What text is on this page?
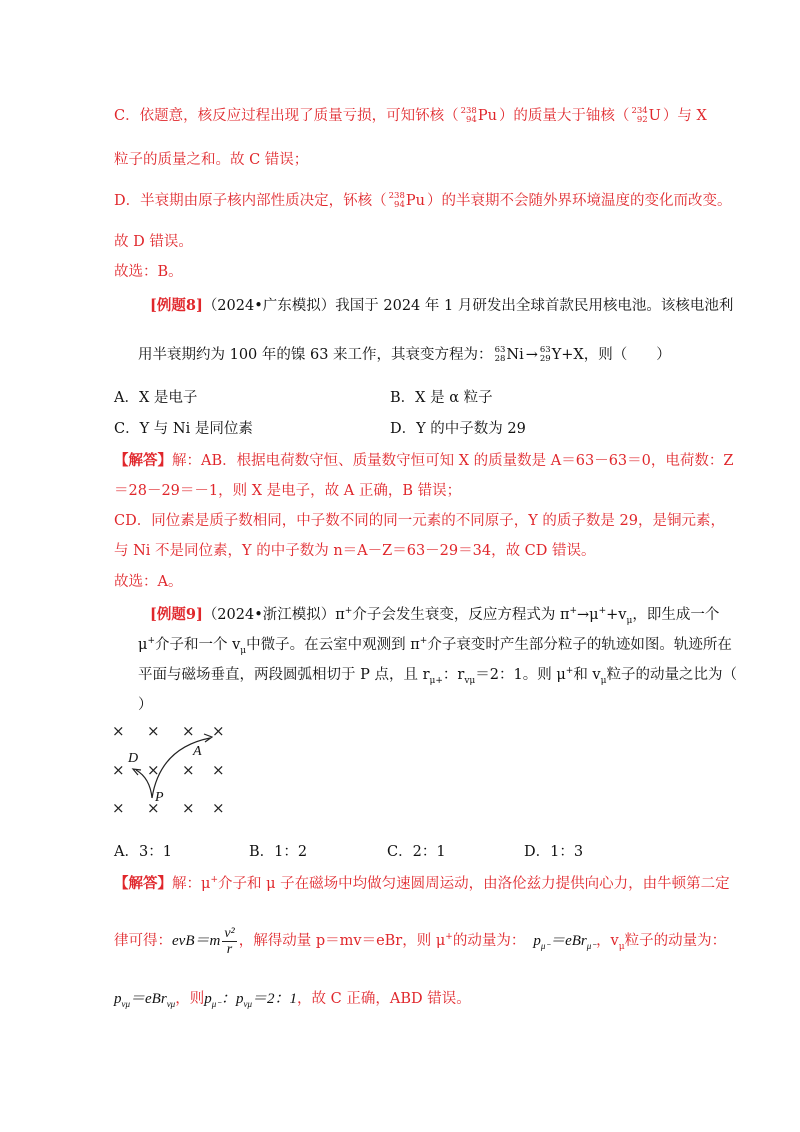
C．依题意，核反应过程出现了质量亏损，可知钚核（ 238
94 Pu ）的质量大于铀核（ 234
92 U ）与 X
粒子的质量之和。故 C 错误；
D．半衰期由原子核内部性质决定，钚核（ 238
94 Pu ）的半衰期不会随外界环境温度的变化而改变。
故 D 错误。
故选：B。
[例题8]（2024•广东模拟）我国于 2024 年 1 月研发出全球首款民用核电池。该核电池利
用半衰期约为 100 年的镍 63 来工作，其衰变方程为： 63
28 Ni → 63
29 Y+X，则（　　）
A．X 是电子	B．X 是 α 粒子
C．Y 与 Ni 是同位素	D．Y 的中子数为 29
【解答】解：AB．根据电荷数守恒、质量数守恒可知 X 的质量数是 A＝63－63＝0，电荷数：Z
＝28－29＝－1，则 X 是电子，故 A 正确，B 错误；
CD．同位素是质子数相同，中子数不同的同一元素的不同原子，Y 的质子数是 29，是铜元素，
与 Ni 不是同位素，Y 的中子数为 n＝A－Z＝63－29＝34，故 CD 错误。
故选：A。
[例题9]（2024•浙江模拟）π+介子会发生衰变，反应方程式为 $\pi^+\to\mu^++v_\mu$，即生成一个
μ+介子和一个 $v_\mu$中微子。在云室中观测到 π+介子衰变时产生部分粒子的轨迹如图。轨迹所在
平面与磁场垂直，两段圆弧相切于 P 点，且 $r_{\mu+}$：$r_{v\mu}=2$：1。则 μ+和 $v_\mu$粒子的动量之比为（
）
× × × ×
× × × ×
× × × ×
D	A
P
A．3：1	B．1：2	C．2：1	D．1：3
【解答】解：μ+介子和 μ 子在磁场中均做匀速圆周运动，由洛伦兹力提供向心力，由牛顿第二定
律可得：$evB=m \frac{\text{v²}}{r}$ ，解得动量 p＝mv＝eBr，则 μ+的动量为： $p_{\mu^-}=eBr_{\mu^-}$，$v_\mu$粒子的动量为：
$p_{v\mu}=eBr_{v\mu}$，则$p_{\mu^-}$：$p_{v\mu}=2$：1，故 C 正确，ABD 错误。
